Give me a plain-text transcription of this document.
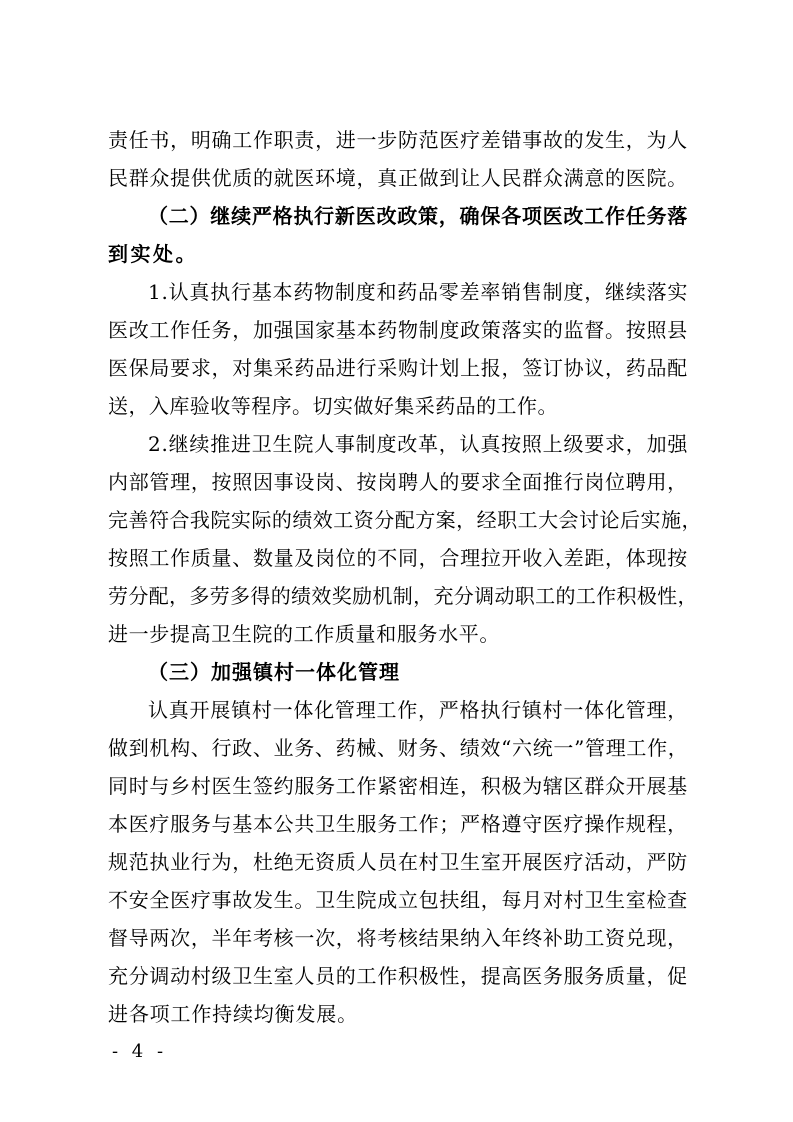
责任书，明确工作职责，进一步防范医疗差错事故的发生，为人
民群众提供优质的就医环境，真正做到让人民群众满意的医院。
（二）继续严格执行新医改政策，确保各项医改工作任务落
到实处。
1.认真执行基本药物制度和药品零差率销售制度，继续落实
医改工作任务，加强国家基本药物制度政策落实的监督。按照县
医保局要求，对集采药品进行采购计划上报，签订协议，药品配
送，入库验收等程序。切实做好集采药品的工作。
2.继续推进卫生院人事制度改革，认真按照上级要求，加强
内部管理，按照因事设岗、按岗聘人的要求全面推行岗位聘用，
完善符合我院实际的绩效工资分配方案，经职工大会讨论后实施，
按照工作质量、数量及岗位的不同，合理拉开收入差距，体现按
劳分配，多劳多得的绩效奖励机制，充分调动职工的工作积极性，
进一步提高卫生院的工作质量和服务水平。
（三）加强镇村一体化管理
认真开展镇村一体化管理工作，严格执行镇村一体化管理，
做到机构、行政、业务、药械、财务、绩效“六统一”管理工作，
同时与乡村医生签约服务工作紧密相连，积极为辖区群众开展基
本医疗服务与基本公共卫生服务工作；严格遵守医疗操作规程，
规范执业行为，杜绝无资质人员在村卫生室开展医疗活动，严防
不安全医疗事故发生。卫生院成立包扶组，每月对村卫生室检查
督导两次，半年考核一次，将考核结果纳入年终补助工资兑现，
充分调动村级卫生室人员的工作积极性，提高医务服务质量，促
进各项工作持续均衡发展。
- 4 -
